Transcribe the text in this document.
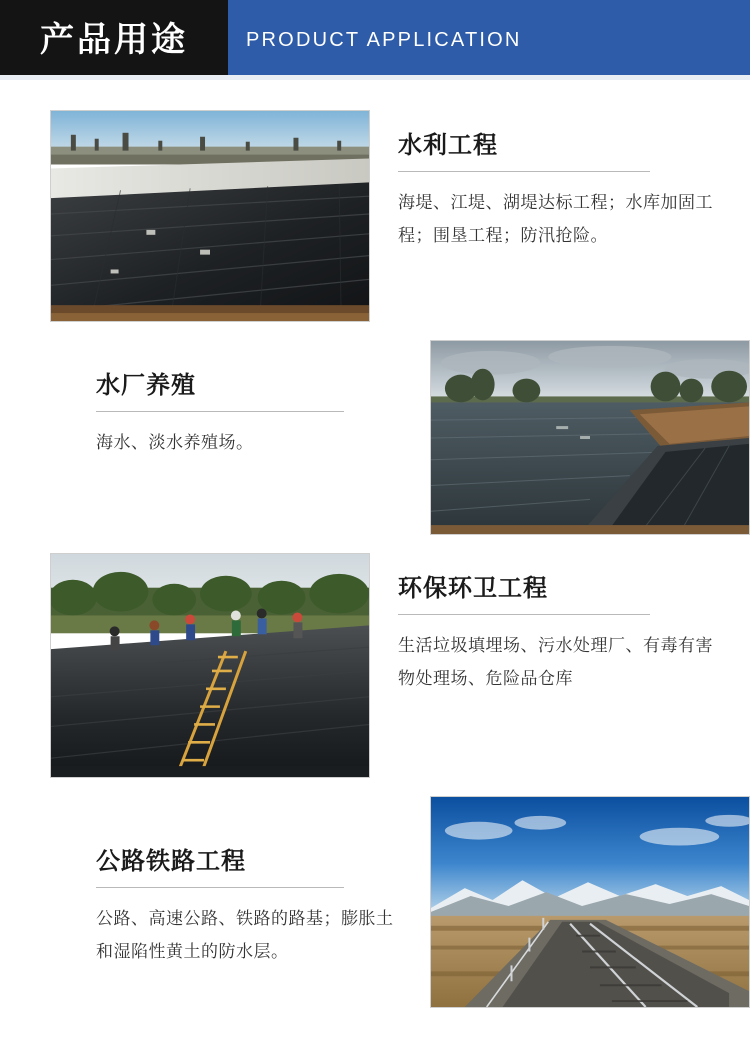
产品用途	PRODUCT APPLICATION
水利工程

海堤、江堤、湖堤达标工程；水库加固工程；围垦工程；防汛抢险。

水厂养殖

海水、淡水养殖场。

环保环卫工程

生活垃圾填埋场、污水处理厂、有毒有害物处理场、危险品仓库

公路铁路工程

公路、高速公路、铁路的路基；膨胀土和湿陷性黄土的防水层。
